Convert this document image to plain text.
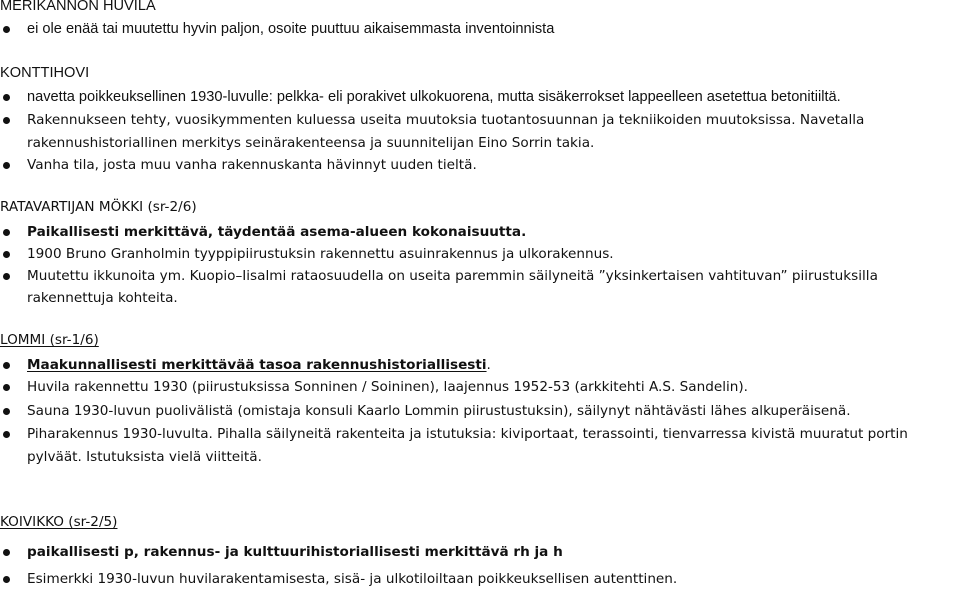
MERIKANNON HUVILA
ei ole enää tai muutettu hyvin paljon, osoite puuttuu aikaisemmasta inventoinnista
KONTTIHOVI
navetta poikkeuksellinen 1930-luvulle: pelkka- eli porakivet ulkokuorena, mutta sisäkerrokset lappeelleen asetettua betonitiiltä.
Rakennukseen tehty, vuosikymmenten kuluessa useita muutoksia tuotantosuunnan ja tekniikoiden muutoksissa. Navetalla
rakennushistoriallinen merkitys seinärakenteensa ja suunnitelijan Eino Sorrin takia.
Vanha tila, josta muu vanha rakennuskanta hävinnyt uuden tieltä.
RATAVARTIJAN MÖKKI (sr-2/6)
Paikallisesti merkittävä, täydentää asema-alueen kokonaisuutta.
1900 Bruno Granholmin tyyppipiirustuksin rakennettu asuinrakennus ja ulkorakennus.
Muutettu ikkunoita ym. Kuopio–Iisalmi rataosuudella on useita paremmin säilyneitä ”yksinkertaisen vahtituvan” piirustuksilla
rakennettuja kohteita.
LOMMI (sr-1/6)
Maakunnallisesti merkittävää tasoa rakennushistoriallisesti.
Huvila rakennettu 1930 (piirustuksissa Sonninen / Soininen), laajennus 1952-53 (arkkitehti A.S. Sandelin).
Sauna 1930-luvun puolivälistä (omistaja konsuli Kaarlo Lommin piirustustuksin), säilynyt nähtävästi lähes alkuperäisenä.
Piharakennus 1930-luvulta. Pihalla säilyneitä rakenteita ja istutuksia: kiviportaat, terassointi, tienvarressa kivistä muuratut portin
pylväät. Istutuksista vielä viitteitä.
KOIVIKKO (sr-2/5)
paikallisesti p, rakennus- ja kulttuurihistoriallisesti merkittävä rh ja h
Esimerkki 1930-luvun huvilarakentamisesta, sisä- ja ulkotiloiltaan poikkeuksellisen autenttinen.
